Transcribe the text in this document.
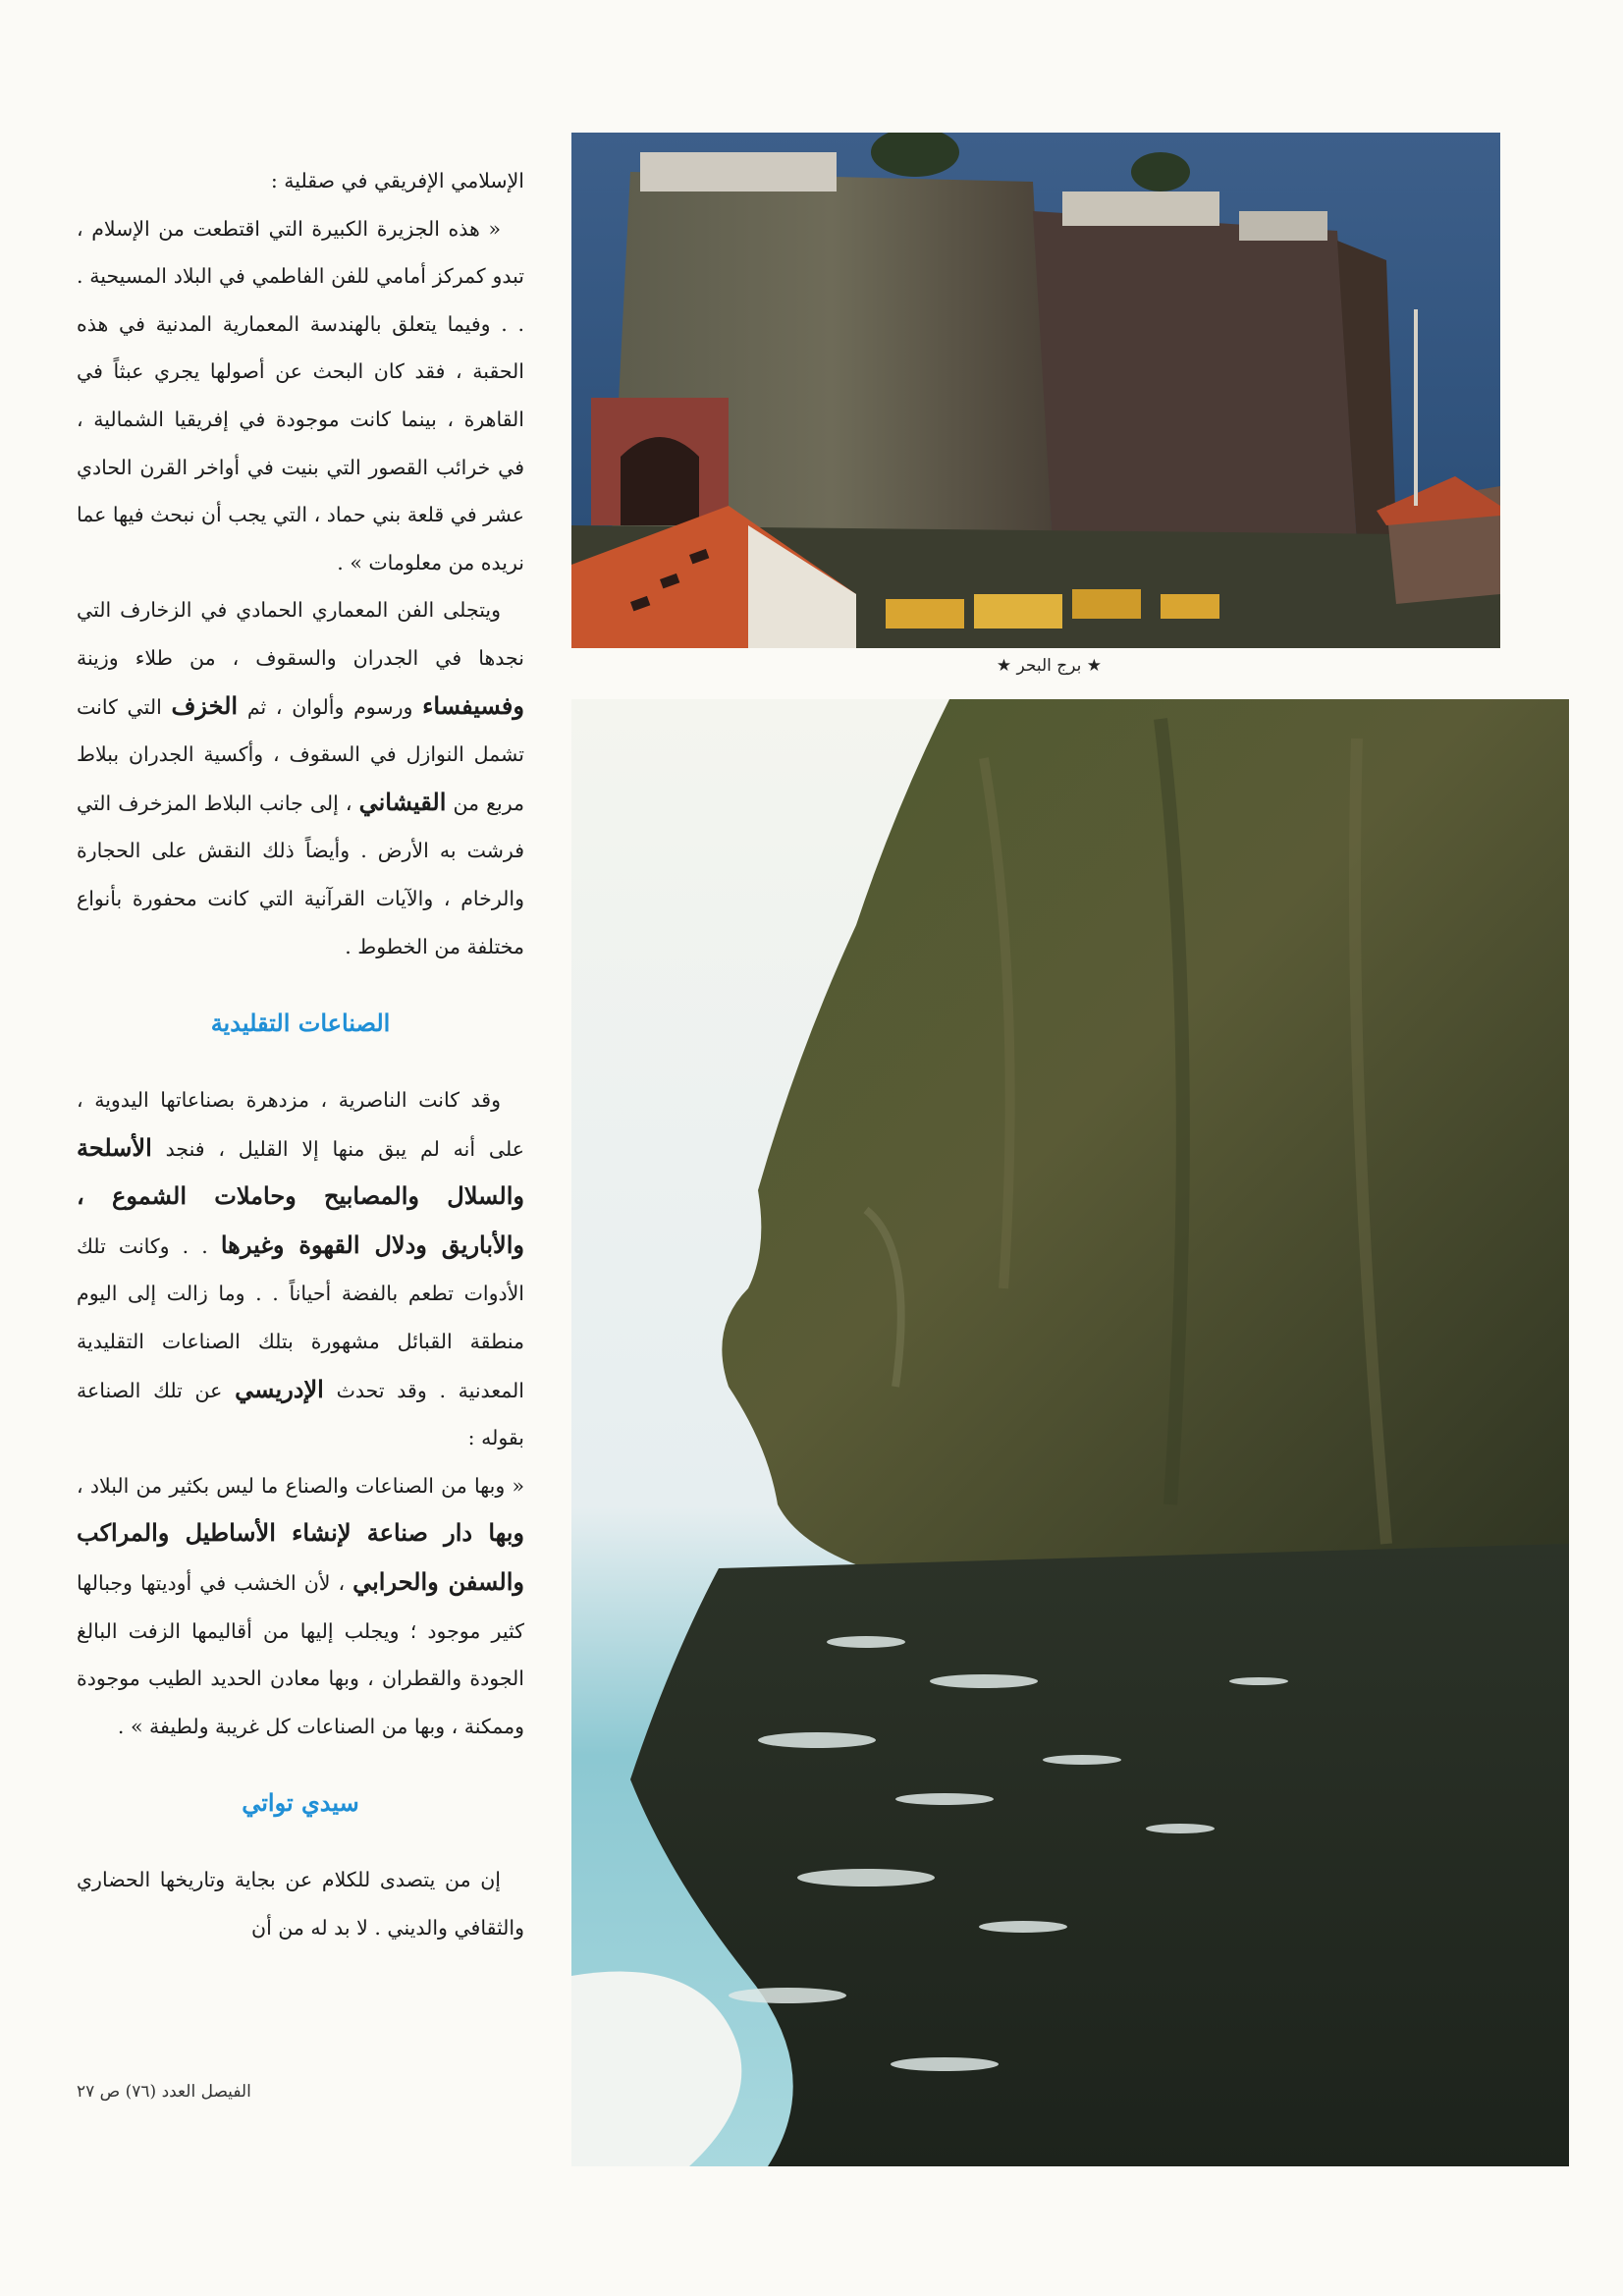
الإسلامي الإفريقي في صقلية :

« هذه الجزيرة الكبيرة التي اقتطعت من الإسلام ، تبدو كمركز أمامي للفن الفاطمي في البلاد المسيحية . . . وفيما يتعلق بالهندسة المعمارية المدنية في هذه الحقبة ، فقد كان البحث عن أصولها يجري عبثاً في القاهرة ، بينما كانت موجودة في إفريقيا الشمالية ، في خرائب القصور التي بنيت في أواخر القرن الحادي عشر في قلعة بني حماد ، التي يجب أن نبحث فيها عما نريده من معلومات » .

ويتجلى الفن المعماري الحمادي في الزخارف التي نجدها في الجدران والسقوف ، من طلاء وزينة وفسيفساء ورسوم وألوان ، ثم الخزف التي كانت تشمل النوازل في السقوف ، وأكسية الجدران ببلاط مربع من القيشاني ، إلى جانب البلاط المزخرف التي فرشت به الأرض . وأيضاً ذلك النقش على الحجارة والرخام ، والآيات القرآنية التي كانت محفورة بأنواع مختلفة من الخطوط .

الصناعات التقليدية

وقد كانت الناصرية ، مزدهرة بصناعاتها اليدوية ، على أنه لم يبق منها إلا القليل ، فنجد الأسلحة والسلال والمصابيح وحاملات الشموع ، والأباريق ودلال القهوة وغيرها . . وكانت تلك الأدوات تطعم بالفضة أحياناً . . وما زالت إلى اليوم منطقة القبائل مشهورة بتلك الصناعات التقليدية المعدنية . وقد تحدث الإدريسي عن تلك الصناعة بقوله :

« وبها من الصناعات والصناع ما ليس بكثير من البلاد ، وبها دار صناعة لإنشاء الأساطيل والمراكب والسفن والحرابي ، لأن الخشب في أوديتها وجبالها كثير موجود ؛ ويجلب إليها من أقاليمها الزفت البالغ الجودة والقطران ، وبها معادن الحديد الطيب موجودة وممكنة ، وبها من الصناعات كل غريبة ولطيفة » .

سيدي تواتي

إن من يتصدى للكلام عن بجاية وتاريخها الحضاري والثقافي والديني . لا بد له من أن

الفيصل العدد (٧٦) ص ٢٧
★ برج البحر ★
